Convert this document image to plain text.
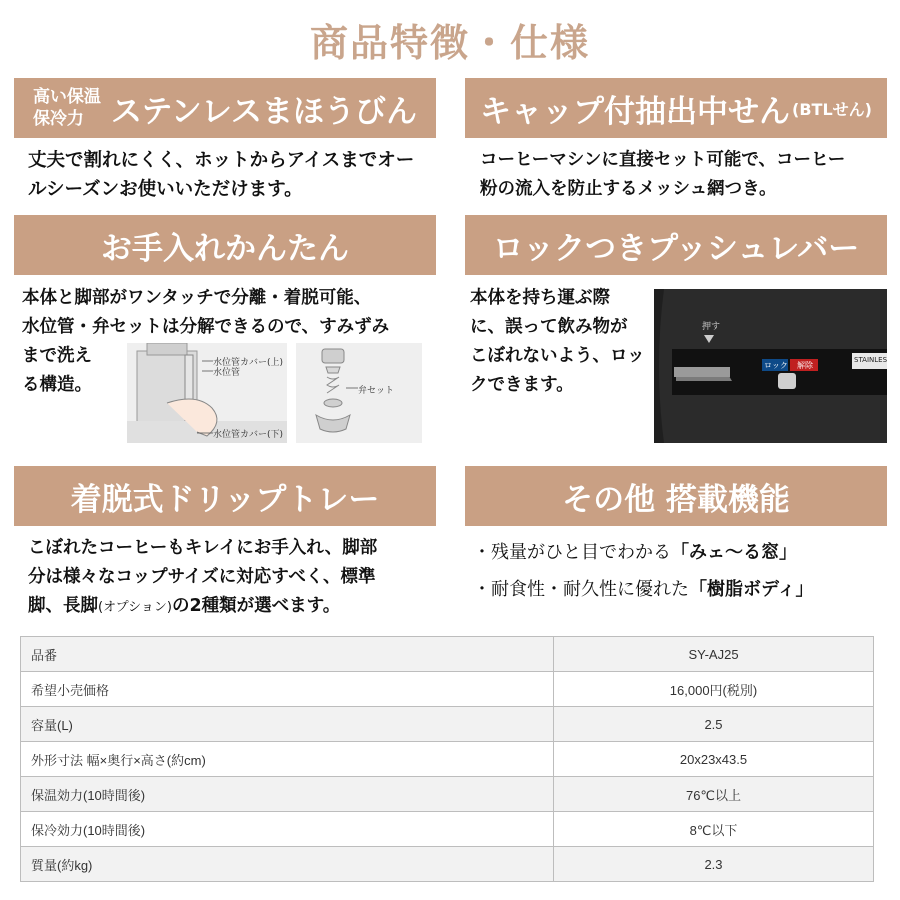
商品特徴・仕様
高い保温
保冷力 ステンレスまほうびん
丈夫で割れにくく、ホットからアイスまでオー
ルシーズンお使いいただけます。
キャップ付抽出中せん (BTLせん)
コーヒーマシンに直接セット可能で、コーヒー
粉の流入を防止するメッシュ網つき。
お手入れかんたん
本体と脚部がワンタッチで分離・着脱可能、
水位管・弁セットは分解できるので、すみずみ
まで洗え
る構造。
水位管カバー(上)
水位管
水位管カバー(下)
弁セット
ロックつきプッシュレバー
本体を持ち運ぶ際
に、誤って飲み物が
こぼれないよう、ロッ
クできます。
押す
ロック 解除
STAINLES
着脱式ドリップトレー
こぼれたコーヒーもキレイにお手入れ、脚部
分は様々なコップサイズに対応すべく、標準
脚、長脚(オプション)の2種類が選べます。
その他 搭載機能
・残量がひと目でわかる「みェ〜る窓」
・耐食性・耐久性に優れた「樹脂ボディ」
品番	SY-AJ25
希望小売価格	16,000円(税別)
容量(L)	2.5
外形寸法 幅×奥行×高さ(約cm)	20x23x43.5
保温効力(10時間後)	76℃以上
保冷効力(10時間後)	8℃以下
質量(約kg)	2.3
